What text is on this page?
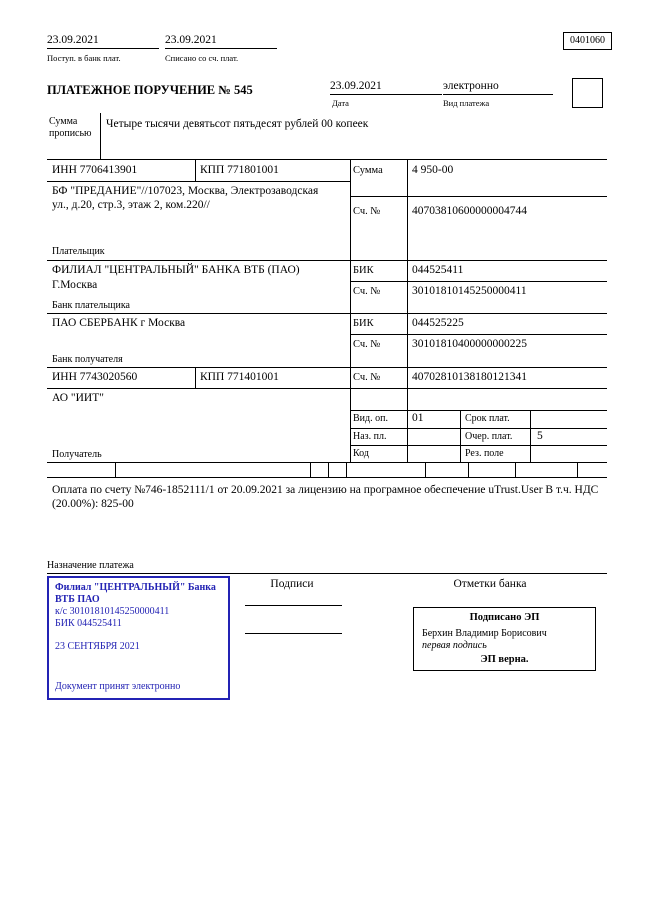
23.09.2021
Поступ. в банк плат.
23.09.2021
Списано со сч. плат.
0401060
ПЛАТЕЖНОЕ ПОРУЧЕНИЕ № 545	23.09.2021
Дата
электронно
Вид платежа
Сумма прописью
Четыре тысячи девятьсот пятьдесят рублей 00 копеек
ИНН 7706413901	КПП 771801001	Сумма	4 950-00
БФ "ПРЕДАНИЕ"//107023, Москва, Электрозаводская ул., д.20, стр.3, этаж 2, ком.220//
Сч. №	40703810600000004744
Плательщик
ФИЛИАЛ "ЦЕНТРАЛЬНЫЙ" БАНКА ВТБ (ПАО)
Г.Москва
БИК	044525411
Сч. №	30101810145250000411
Банк плательщика
ПАО СБЕРБАНК г Москва	БИК	044525225
Сч. №	30101810400000000225
Банк получателя
ИНН 7743020560	КПП 771401001	Сч. №	40702810138180121341
АО "ИИТ"
Получатель
Вид. оп. 01	Срок плат.
Наз. пл.	Очер. плат. 5
Код	Рез. поле
Оплата по счету №746-1852111/1 от 20.09.2021 за лицензию на програмное обеспечение uTrust.User В т.ч. НДС (20.00%): 825-00
Назначение платежа
Филиал "ЦЕНТРАЛЬНЫЙ" Банка
ВТБ ПАО
к/с 30101810145250000411
БИК 044525411
23 СЕНТЯБРЯ 2021
Документ принят электронно
Подписи	Отметки банка
Подписано ЭП
Берхин Владимир Борисович
первая подпись
ЭП верна.
